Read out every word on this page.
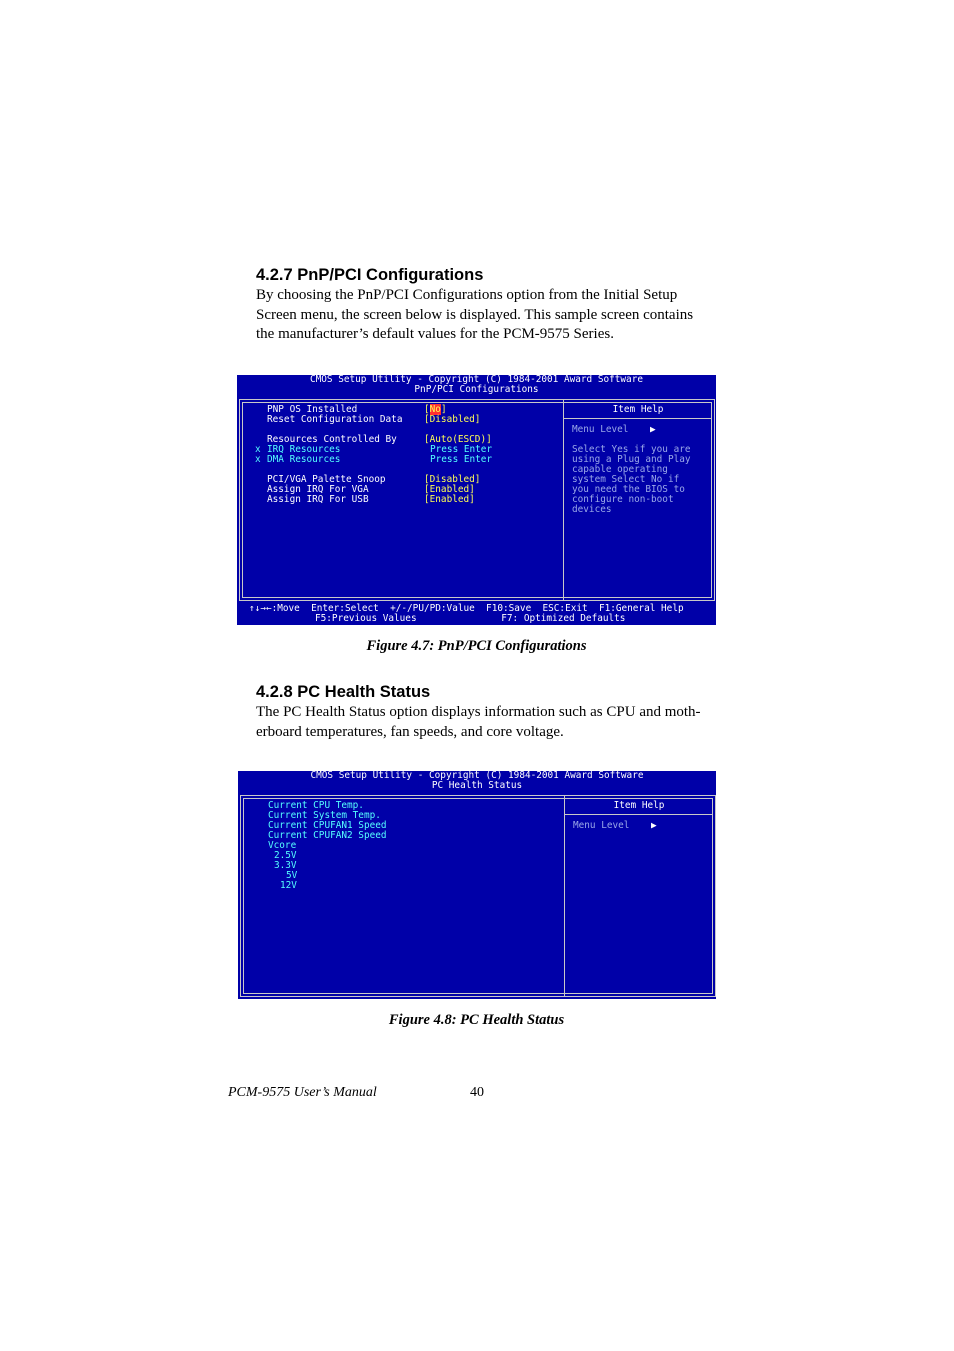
4.2.7 PnP/PCI Configurations
By choosing the PnP/PCI Configurations option from the Initial Setup
Screen menu, the screen below is displayed. This sample screen contains
the manufacturer’s default values for the PCM-9575 Series.
CMOS Setup Utility - Copyright (C) 1984-2001 Award Software
PnP/PCI Configurations
PNP OS Installed	[No]
Reset Configuration Data [Disabled]
Resources Controlled By	[Auto(ESCD)]
x IRQ Resources	Press Enter
x DMA Resources	Press Enter
PCI/VGA Palette Snoop	[Disabled]
Assign IRQ For VGA	[Enabled]
Assign IRQ For USB	[Enabled]
Item Help
Menu Level ▶
Select Yes if you are
using a Plug and Play
capable operating
system Select No if
you need the BIOS to
configure non-boot
devices
↑↓→←:Move  Enter:Select  +/-/PU/PD:Value  F10:Save  ESC:Exit  F1:General Help
F5:Previous Values               F7: Optimized Defaults

Figure 4.7: PnP/PCI Configurations

4.2.8 PC Health Status
The PC Health Status option displays information such as CPU and moth-
erboard temperatures, fan speeds, and core voltage.
CMOS Setup Utility - Copyright (C) 1984-2001 Award Software
PC Health Status
Current CPU Temp.
Current System Temp.
Current CPUFAN1 Speed
Current CPUFAN2 Speed
Vcore
2.5V
3.3V
5V
12V
Item Help
Menu Level ▶

Figure 4.8: PC Health Status

PCM-9575 User’s Manual	40
